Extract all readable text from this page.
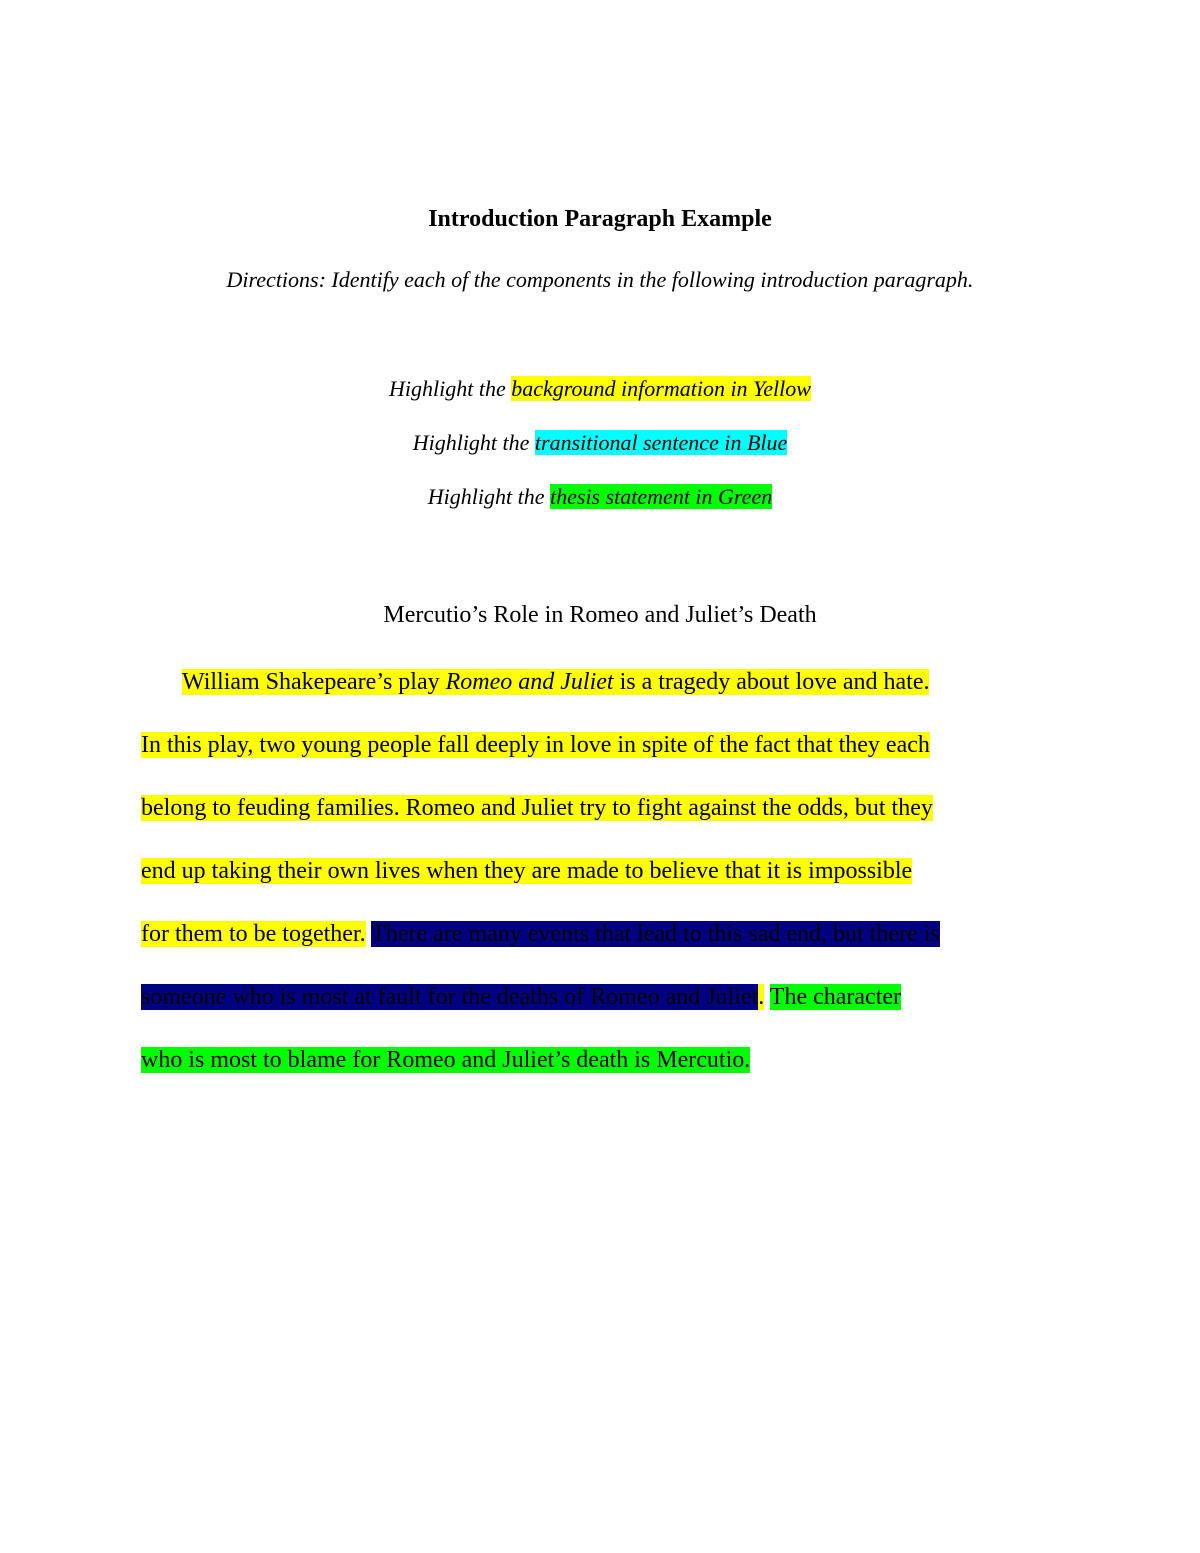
Introduction Paragraph Example
Directions: Identify each of the components in the following introduction paragraph.
Highlight the background information in Yellow
Highlight the transitional sentence in Blue
Highlight the thesis statement in Green
Mercutio’s Role in Romeo and Juliet’s Death
William Shakepeare’s play Romeo and Juliet is a tragedy about love and hate.
In this play, two young people fall deeply in love in spite of the fact that they each
belong to feuding families. Romeo and Juliet try to fight against the odds, but they
end up taking their own lives when they are made to believe that it is impossible
for them to be together. There are many events that lead to this sad end, but there is
someone who is most at fault for the deaths of Romeo and Juliet. The character
who is most to blame for Romeo and Juliet’s death is Mercutio.
